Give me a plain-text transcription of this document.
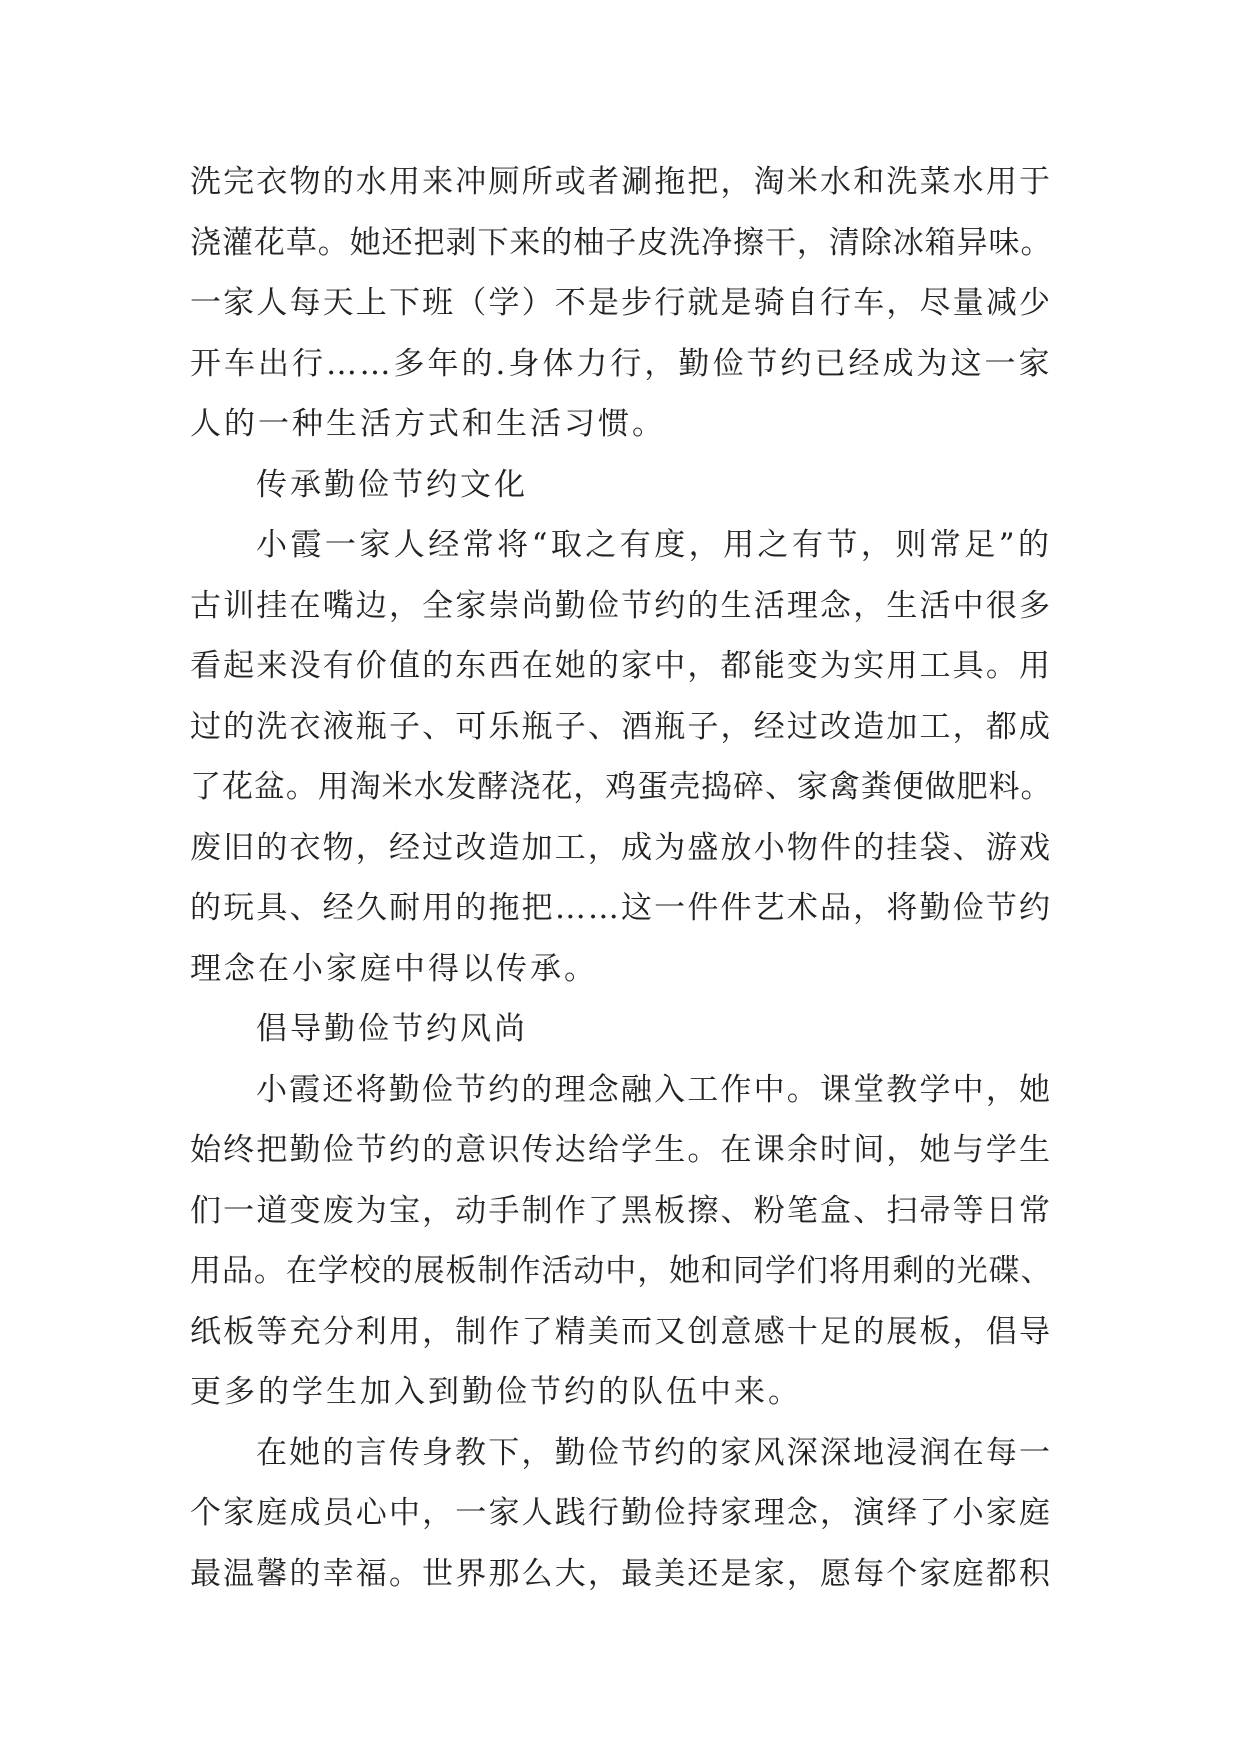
洗完衣物的水用来冲厕所或者涮拖把，淘米水和洗菜水用于
浇灌花草。她还把剥下来的柚子皮洗净擦干，清除冰箱异味。
一家人每天上下班（学）不是步行就是骑自行车，尽量减少
开车出行……多年的.身体力行，勤俭节约已经成为这一家
人的一种生活方式和生活习惯。
传承勤俭节约文化
小霞一家人经常将“取之有度，用之有节，则常足”的
古训挂在嘴边，全家崇尚勤俭节约的生活理念，生活中很多
看起来没有价值的东西在她的家中，都能变为实用工具。用
过的洗衣液瓶子、可乐瓶子、酒瓶子，经过改造加工，都成
了花盆。用淘米水发酵浇花，鸡蛋壳捣碎、家禽粪便做肥料。
废旧的衣物，经过改造加工，成为盛放小物件的挂袋、游戏
的玩具、经久耐用的拖把……这一件件艺术品，将勤俭节约
理念在小家庭中得以传承。
倡导勤俭节约风尚
小霞还将勤俭节约的理念融入工作中。课堂教学中，她
始终把勤俭节约的意识传达给学生。在课余时间，她与学生
们一道变废为宝，动手制作了黑板擦、粉笔盒、扫帚等日常
用品。在学校的展板制作活动中，她和同学们将用剩的光碟、
纸板等充分利用，制作了精美而又创意感十足的展板，倡导
更多的学生加入到勤俭节约的队伍中来。
在她的言传身教下，勤俭节约的家风深深地浸润在每一
个家庭成员心中，一家人践行勤俭持家理念，演绎了小家庭
最温馨的幸福。世界那么大，最美还是家，愿每个家庭都积
